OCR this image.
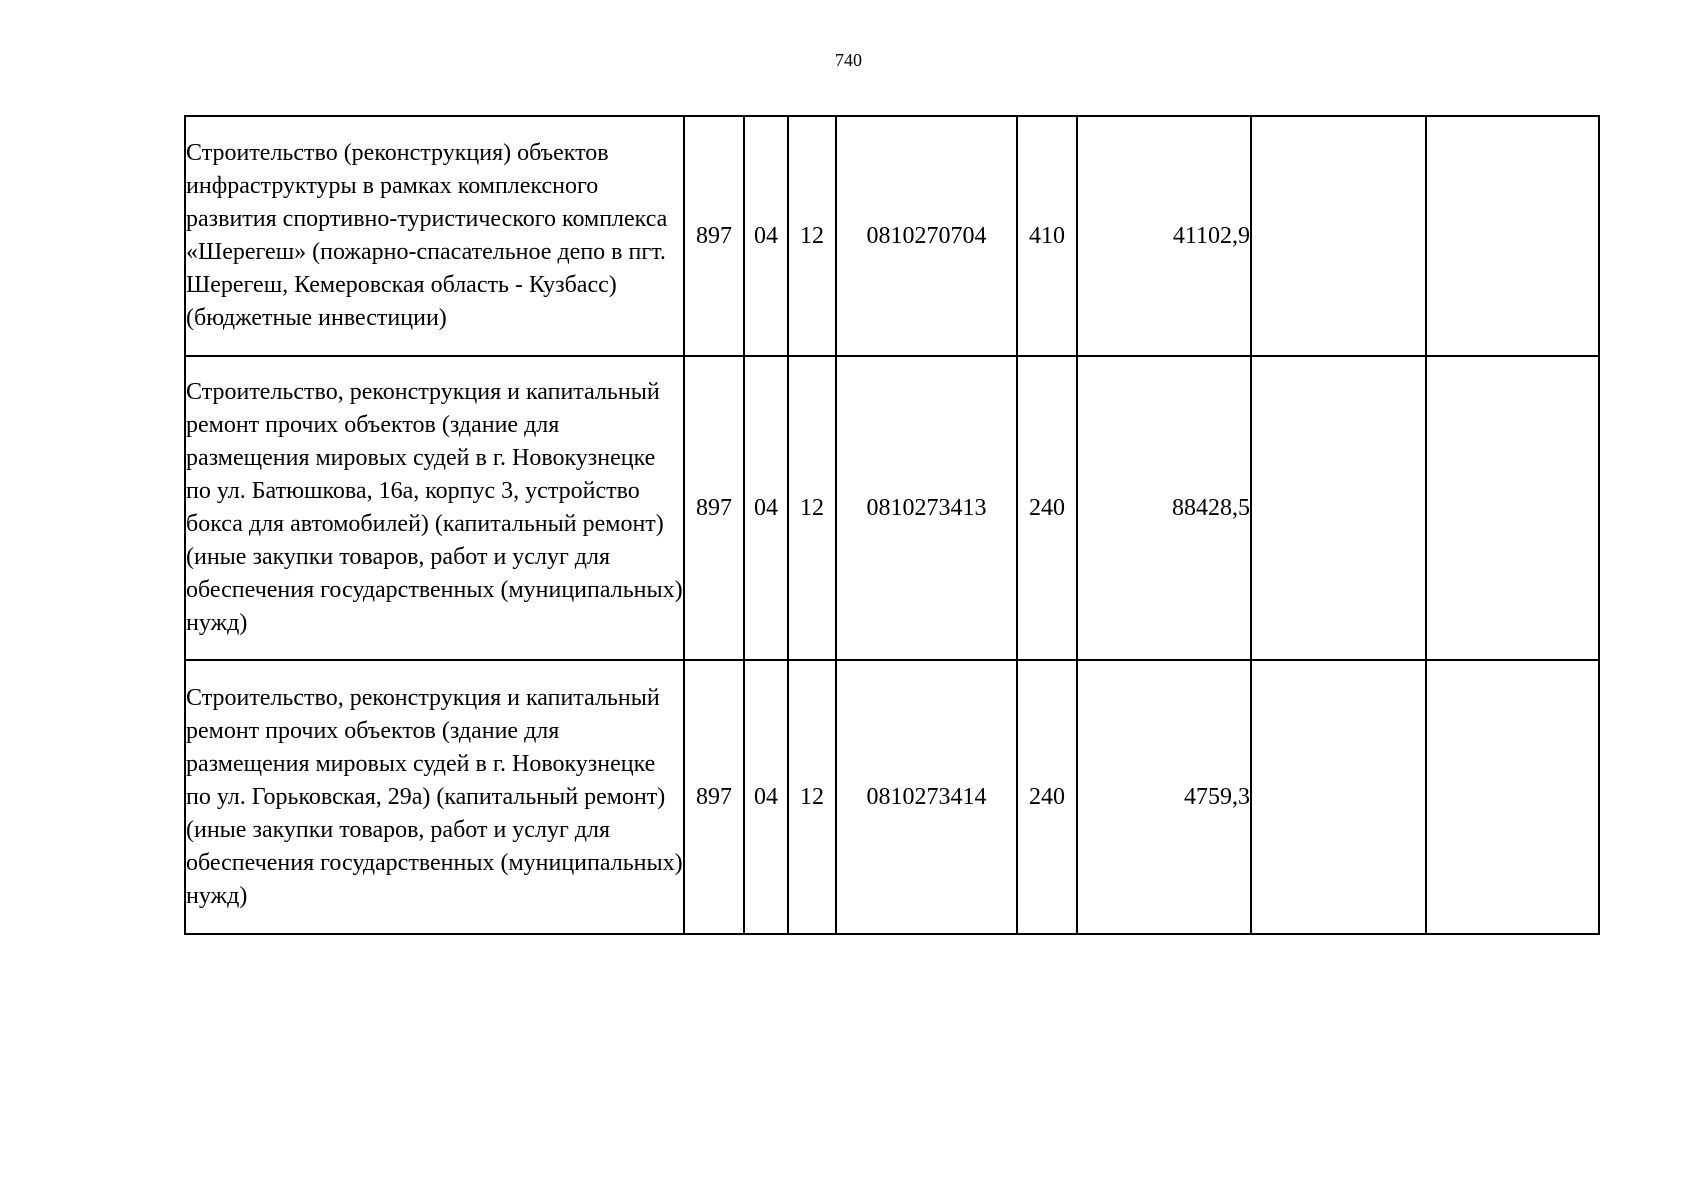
740
Строительство (реконструкция) объектов инфраструктуры в рамках комплексного развития спортивно-туристического комплекса «Шерегеш» (пожарно-спасательное депо в пгт. Шерегеш, Кемеровская область - Кузбасс) (бюджетные инвестиции)	897	04	12	0810270704	410	41102,9		
Строительство, реконструкция и капитальный ремонт прочих объектов (здание для размещения мировых судей в г. Новокузнецке по ул. Батюшкова, 16а, корпус 3, устройство бокса для автомобилей) (капитальный ремонт) (иные закупки товаров, работ и услуг для обеспечения государственных (муниципальных) нужд)	897	04	12	0810273413	240	88428,5		
Строительство, реконструкция и капитальный ремонт прочих объектов (здание для размещения мировых судей в г. Новокузнецке по ул. Горьковская, 29а) (капитальный ремонт) (иные закупки товаров, работ и услуг для обеспечения государственных (муниципальных) нужд)	897	04	12	0810273414	240	4759,3		
